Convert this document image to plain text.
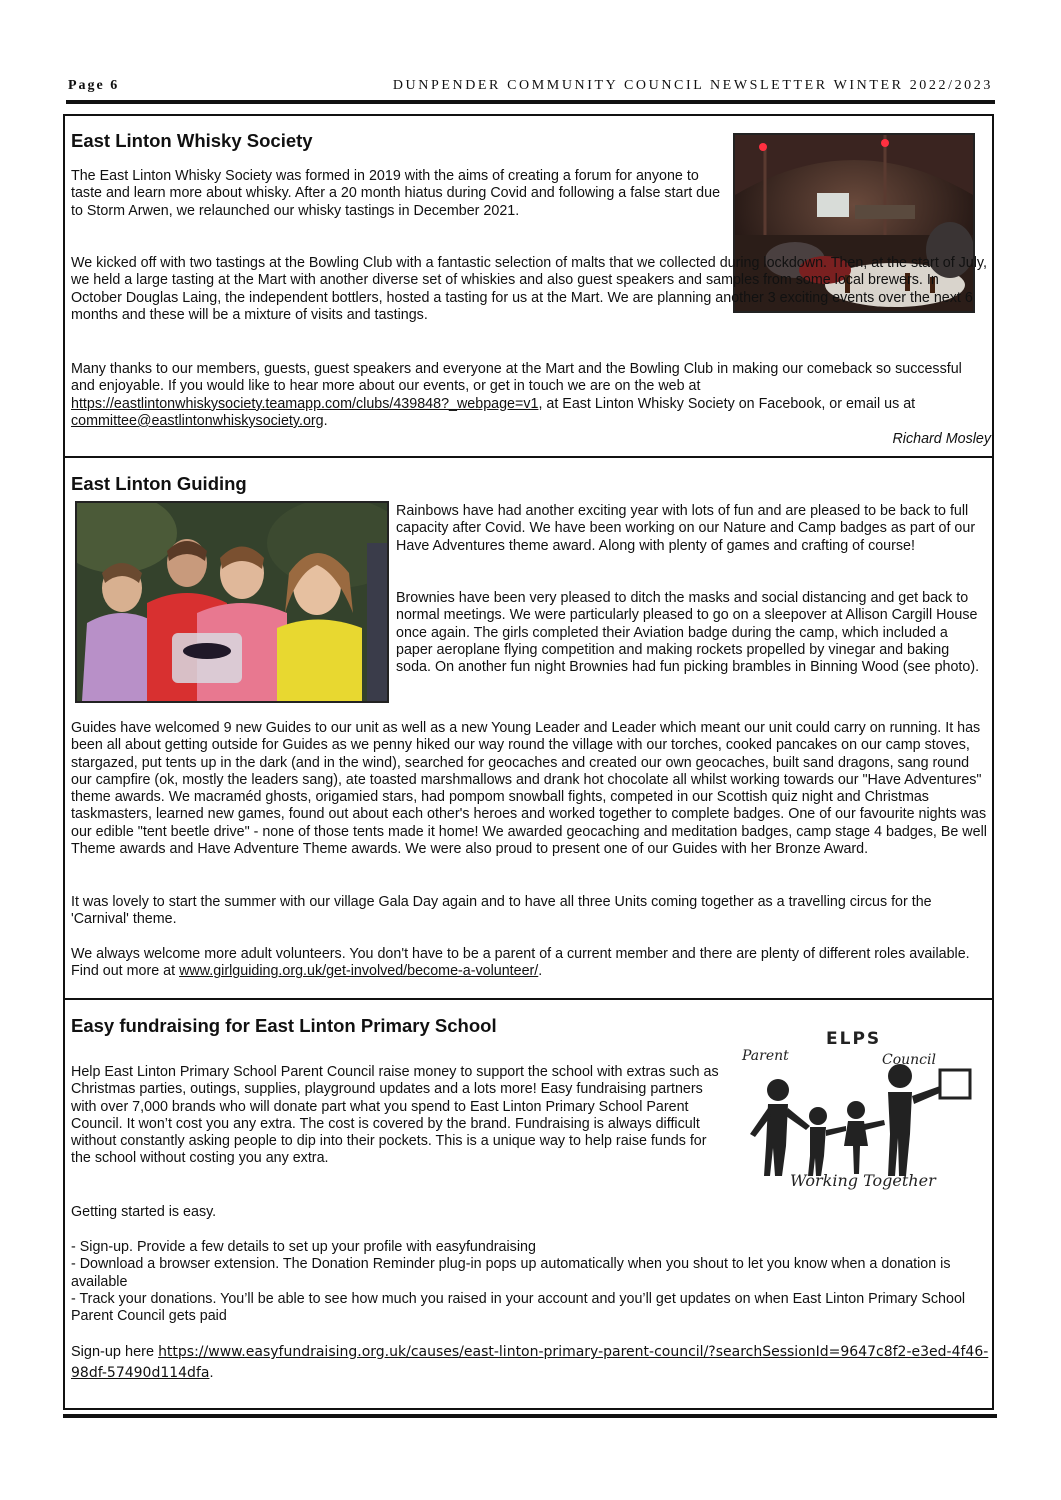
Page 6	DUNPENDER COMMUNITY COUNCIL NEWSLETTER WINTER 2022/2023
East Linton Whisky Society

The East Linton Whisky Society was formed in 2019 with the aims of creating a forum for anyone to taste and learn more about whisky. After a 20 month hiatus during Covid and following a false start due to Storm Arwen, we relaunched our whisky tastings in December 2021.

We kicked off with two tastings at the Bowling Club with a fantastic selection of malts that we collected during lockdown. Then, at the start of July, we held a large tasting at the Mart with another diverse set of whiskies and also guest speakers and samples from some local brewers. In October Douglas Laing, the independent bottlers, hosted a tasting for us at the Mart. We are planning another 3 exciting events over the next 6 months and these will be a mixture of visits and tastings.

Many thanks to our members, guests, guest speakers and everyone at the Mart and the Bowling Club in making our comeback so successful and enjoyable. If you would like to hear more about our events, or get in touch we are on the web at https://eastlintonwhiskysociety.teamapp.com/clubs/439848?_webpage=v1, at East Linton Whisky Society on Facebook, or email us at committee@eastlintonwhiskysociety.org.

Richard Mosley
East Linton Guiding

Rainbows have had another exciting year with lots of fun and are pleased to be back to full capacity after Covid. We have been working on our Nature and Camp badges as part of our Have Adventures theme award. Along with plenty of games and crafting of course!

Brownies have been very pleased to ditch the masks and social distancing and get back to normal meetings. We were particularly pleased to go on a sleepover at Allison Cargill House once again. The girls completed their Aviation badge during the camp, which included a paper aeroplane flying competition and making rockets propelled by vinegar and baking soda. On another fun night Brownies had fun picking brambles in Binning Wood (see photo).

Guides have welcomed 9 new Guides to our unit as well as a new Young Leader and Leader which meant our unit could carry on running. It has been all about getting outside for Guides as we penny hiked our way round the village with our torches, cooked pancakes on our camp stoves, stargazed, put tents up in the dark (and in the wind), searched for geocaches and created our own geocaches, built sand dragons, sang round our campfire (ok, mostly the leaders sang), ate toasted marshmallows and drank hot chocolate all whilst working towards our "Have Adventures" theme awards. We macraméd ghosts, origamied stars, had pompom snowball fights, competed in our Scottish quiz night and Christmas taskmasters, learned new games, found out about each other's heroes and worked together to complete badges. One of our favourite nights was our edible "tent beetle drive" - none of those tents made it home! We awarded geocaching and meditation badges, camp stage 4 badges, Be well Theme awards and Have Adventure Theme awards. We were also proud to present one of our Guides with her Bronze Award.

It was lovely to start the summer with our village Gala Day again and to have all three Units coming together as a travelling circus for the 'Carnival' theme.

We always welcome more adult volunteers. You don't have to be a parent of a current member and there are plenty of different roles available. Find out more at www.girlguiding.org.uk/get-involved/become-a-volunteer/.

Easy fundraising for East Linton Primary School
ELPS
Parent	Council
Working Together

Help East Linton Primary School Parent Council raise money to support the school with extras such as Christmas parties, outings, supplies, playground updates and a lots more! Easy fundraising partners with over 7,000 brands who will donate part what you spend to East Linton Primary School Parent Council. It won’t cost you any extra. The cost is covered by the brand. Fundraising is always difficult without constantly asking people to dip into their pockets. This is a unique way to help raise funds for the school without costing you any extra.

Getting started is easy.

- Sign-up. Provide a few details to set up your profile with easyfundraising

- Download a browser extension. The Donation Reminder plug-in pops up automatically when you shout to let you know when a donation is available

- Track your donations. You’ll be able to see how much you raised in your account and you’ll get updates on when East Linton Primary School Parent Council gets paid

Sign-up here https://www.easyfundraising.org.uk/causes/east-linton-primary-parent-council/?searchSessionId=9647c8f2-e3ed-4f46-98df-57490d114dfa.
